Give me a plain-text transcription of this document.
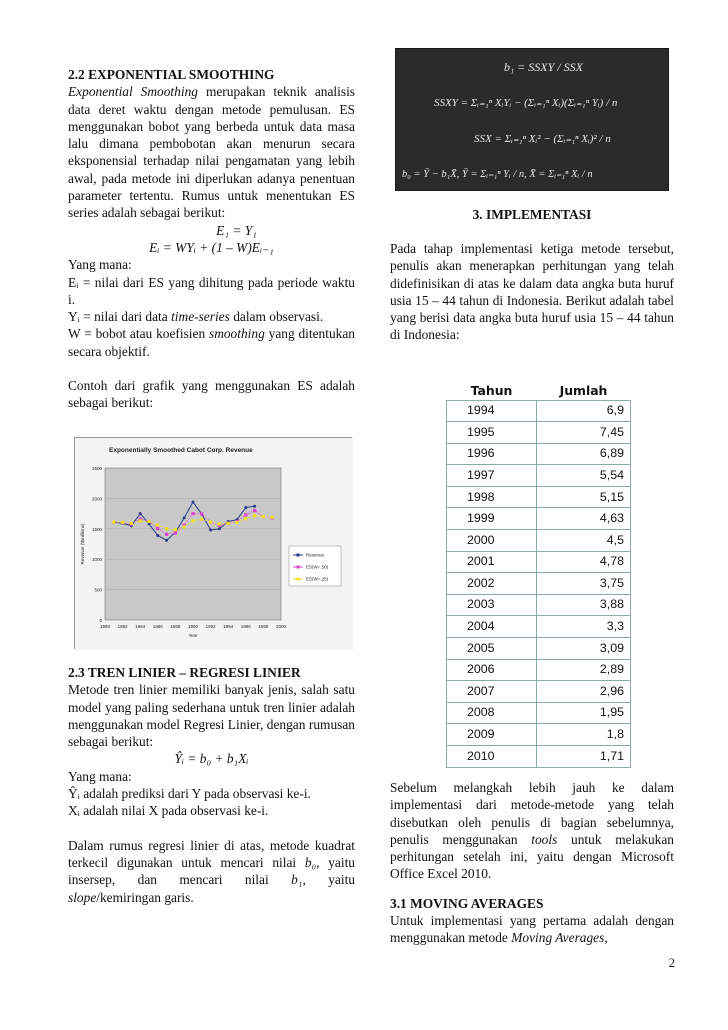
2.2 EXPONENTIAL SMOOTHING

Exponential Smoothing merupakan teknik analisis data deret waktu dengan metode pemulusan. ES menggunakan bobot yang berbeda untuk data masa lalu dimana pembobotan akan menurun secara eksponensial terhadap nilai pengamatan yang lebih awal, pada metode ini diperlukan adanya penentuan parameter tertentu. Rumus untuk menentukan ES series adalah sebagai berikut:

E₁ = Y₁
Eᵢ = WYᵢ + (1 – W)Eᵢ₋₁
Yang mana:

Eᵢ = nilai dari ES yang dihitung pada periode waktu i.

Yᵢ = nilai dari data time-series dalam observasi.

W = bobot atau koefisien smoothing yang ditentukan secara objektif.

Contoh dari grafik yang menggunakan ES adalah sebagai berikut:

Exponentially Smoothed Cabot Corp. Revenue
0
500
1000
1500
2000
2500
1980 1982 1984 1986 1988 1990 1992 1994 1996 1998 2000
Year
Revenue (\$millions)	Revenue
ES(W=.50)
ES(W=.25)
2.3 TREN LINIER – REGRESI LINIER

Metode tren linier memiliki banyak jenis, salah satu model yang paling sederhana untuk tren linier adalah menggunakan model Regresi Linier, dengan rumusan sebagai berikut:

Ŷᵢ = b₀ + b₁Xᵢ
Yang mana:

Ŷᵢ adalah prediksi dari Y pada observasi ke-i.

Xᵢ adalah nilai X pada observasi ke-i.

Dalam rumus regresi linier di atas, metode kuadrat terkecil digunakan untuk mencari nilai b₀, yaitu insersep, dan mencari nilai b₁, yaitu slope/kemiringan garis.

b₁ = SSXY / SSX
SSXY = Σᵢ₌₁ⁿ XᵢYᵢ − (Σᵢ₌₁ⁿ Xᵢ)(Σᵢ₌₁ⁿ Yᵢ) / n
SSX = Σᵢ₌₁ⁿ Xᵢ² − (Σᵢ₌₁ⁿ Xᵢ)² / n
b₀ = Ȳ − b₁X̄, Ȳ = Σᵢ₌₁ⁿ Yᵢ / n, X̄ = Σᵢ₌₁ⁿ Xᵢ / n
3. IMPLEMENTASI

Pada tahap implementasi ketiga metode tersebut, penulis akan menerapkan perhitungan yang telah didefinisikan di atas ke dalam data angka buta huruf usia 15 – 44 tahun di Indonesia. Berikut adalah tabel yang berisi data angka buta huruf usia 15 – 44 tahun di Indonesia:

Tahun	Jumlah
1994	6,9
1995	7,45
1996	6,89
1997	5,54
1998	5,15
1999	4,63
2000	4,5
2001	4,78
2002	3,75
2003	3,88
2004	3,3
2005	3,09
2006	2,89
2007	2,96
2008	1,95
2009	1,8
2010	1,71

Sebelum melangkah lebih jauh ke dalam implementasi dari metode-metode yang telah disebutkan oleh penulis di bagian sebelumnya, penulis menggunakan tools untuk melakukan perhitungan setelah ini, yaitu dengan Microsoft Office Excel 2010.

3.1 MOVING AVERAGES

Untuk implementasi yang pertama adalah dengan menggunakan metode Moving Averages,

2
